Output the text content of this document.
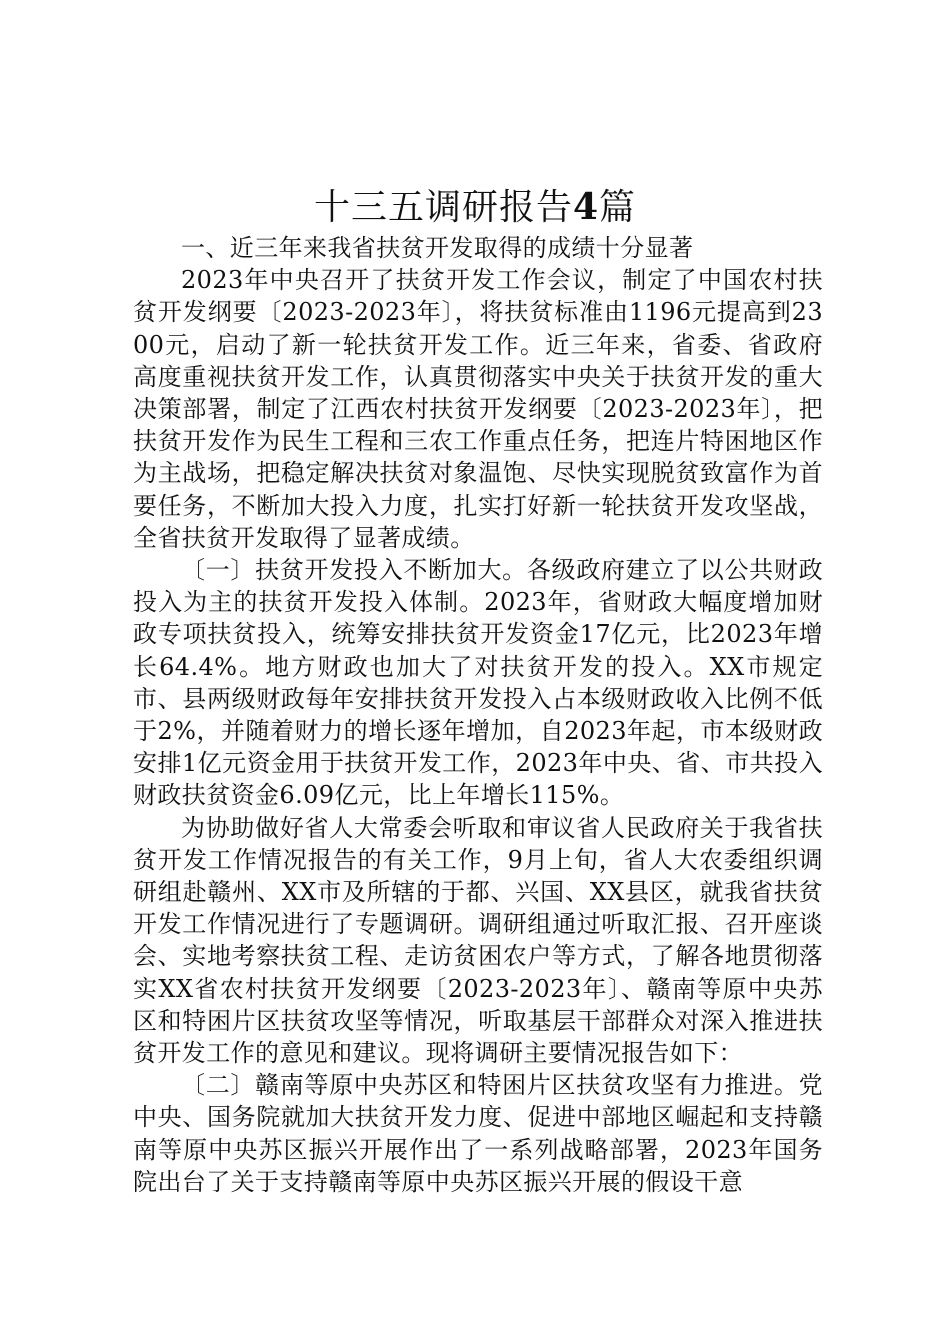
十三五调研报告4篇

一、近三年来我省扶贫开发取得的成绩十分显著

2023年中央召开了扶贫开发工作会议，制定了中国农村扶贫开发纲要〔2023-2023年〕，将扶贫标准由1196元提高到2300元，启动了新一轮扶贫开发工作。近三年来，省委、省政府高度重视扶贫开发工作，认真贯彻落实中央关于扶贫开发的重大决策部署，制定了江西农村扶贫开发纲要〔2023-2023年〕，把扶贫开发作为民生工程和三农工作重点任务，把连片特困地区作为主战场，把稳定解决扶贫对象温饱、尽快实现脱贫致富作为首要任务，不断加大投入力度，扎实打好新一轮扶贫开发攻坚战，全省扶贫开发取得了显著成绩。

〔一〕扶贫开发投入不断加大。各级政府建立了以公共财政投入为主的扶贫开发投入体制。2023年，省财政大幅度增加财政专项扶贫投入，统筹安排扶贫开发资金17亿元，比2023年增长64.4%。地方财政也加大了对扶贫开发的投入。XX市规定市、县两级财政每年安排扶贫开发投入占本级财政收入比例不低于2%，并随着财力的增长逐年增加，自2023年起，市本级财政安排1亿元资金用于扶贫开发工作，2023年中央、省、市共投入财政扶贫资金6.09亿元，比上年增长115%。

为协助做好省人大常委会听取和审议省人民政府关于我省扶贫开发工作情况报告的有关工作，9月上旬，省人大农委组织调研组赴赣州、XX市及所辖的于都、兴国、XX县区，就我省扶贫开发工作情况进行了专题调研。调研组通过听取汇报、召开座谈会、实地考察扶贫工程、走访贫困农户等方式，了解各地贯彻落实XX省农村扶贫开发纲要〔2023-2023年〕、赣南等原中央苏区和特困片区扶贫攻坚等情况，听取基层干部群众对深入推进扶贫开发工作的意见和建议。现将调研主要情况报告如下：

〔二〕赣南等原中央苏区和特困片区扶贫攻坚有力推进。党中央、国务院就加大扶贫开发力度、促进中部地区崛起和支持赣南等原中央苏区振兴开展作出了一系列战略部署，2023年国务院出台了关于支持赣南等原中央苏区振兴开展的假设干意
